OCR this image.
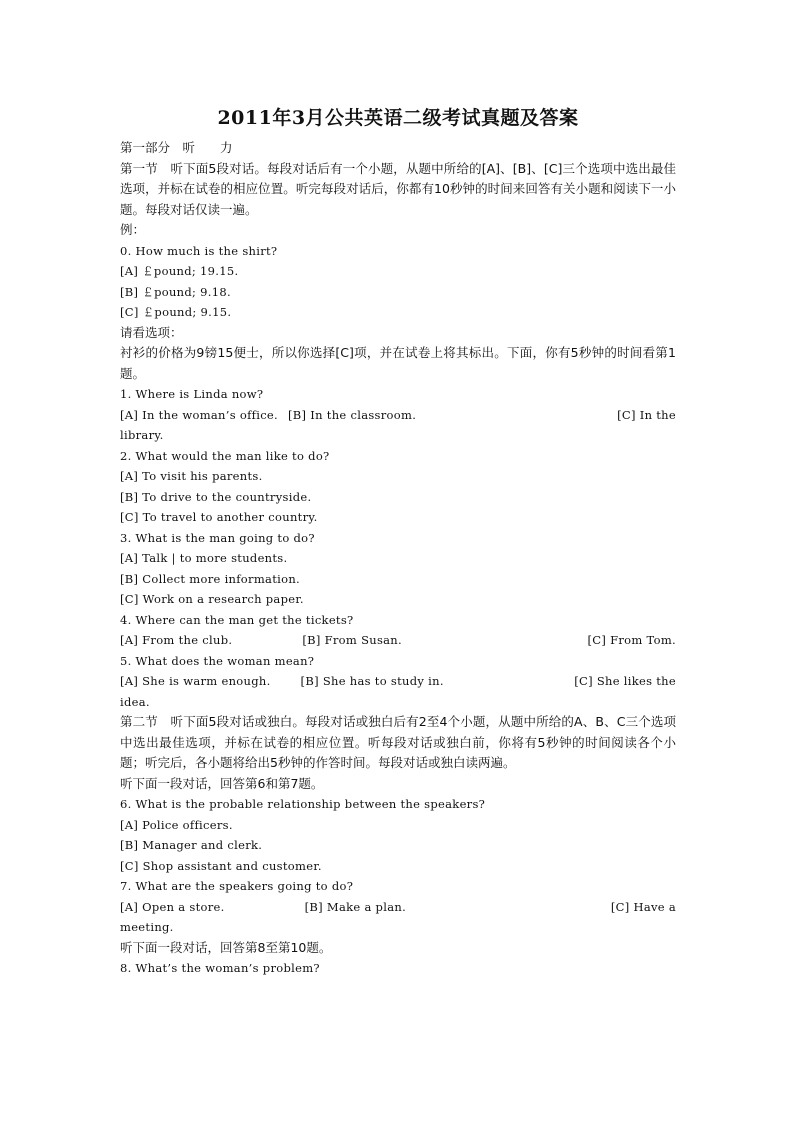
2011年3月公共英语二级考试真题及答案
第一部分　听　　力
第一节　听下面5段对话。每段对话后有一个小题，从题中所给的[A]、[B]、[C]三个选项中选出最佳选项，并标在试卷的相应位置。听完每段对话后，你都有10秒钟的时间来回答有关小题和阅读下一小题。每段对话仅读一遍。
例：
0. How much is the shirt?
[A] ￡pound; 19.15.
[B] ￡pound; 9.18.
[C] ￡pound; 9.15.
请看选项：
衬衫的价格为9镑15便士，所以你选择[C]项，并在试卷上将其标出。下面，你有5秒钟的时间看第1题。
1. Where is Linda now?
[A] In the woman’s office. [B] In the classroom.	[C] In the
library.
2. What would the man like to do?
[A] To visit his parents.
[B] To drive to the countryside.
[C] To travel to another country.
3. What is the man going to do?
[A] Talk | to more students.
[B] Collect more information.
[C] Work on a research paper.
4. Where can the man get the tickets?
[A] From the club.	[B] From Susan.	[C] From Tom.
5. What does the woman mean?
[A] She is warm enough.	[B] She has to study in.	[C] She likes the
idea.
第二节　听下面5段对话或独白。每段对话或独白后有2至4个小题，从题中所给的A、B、C三个选项中选出最佳选项，并标在试卷的相应位置。听每段对话或独白前，你将有5秒钟的时间阅读各个小题；听完后，各小题将给出5秒钟的作答时间。每段对话或独白读两遍。
听下面一段对话，回答第6和第7题。
6. What is the probable relationship between the speakers?
[A] Police officers.
[B] Manager and clerk.
[C] Shop assistant and customer.
7. What are the speakers going to do?
[A] Open a store.	[B] Make a plan.	[C] Have a
meeting.
听下面一段对话，回答第8至第10题。
8. What’s the woman’s problem?
